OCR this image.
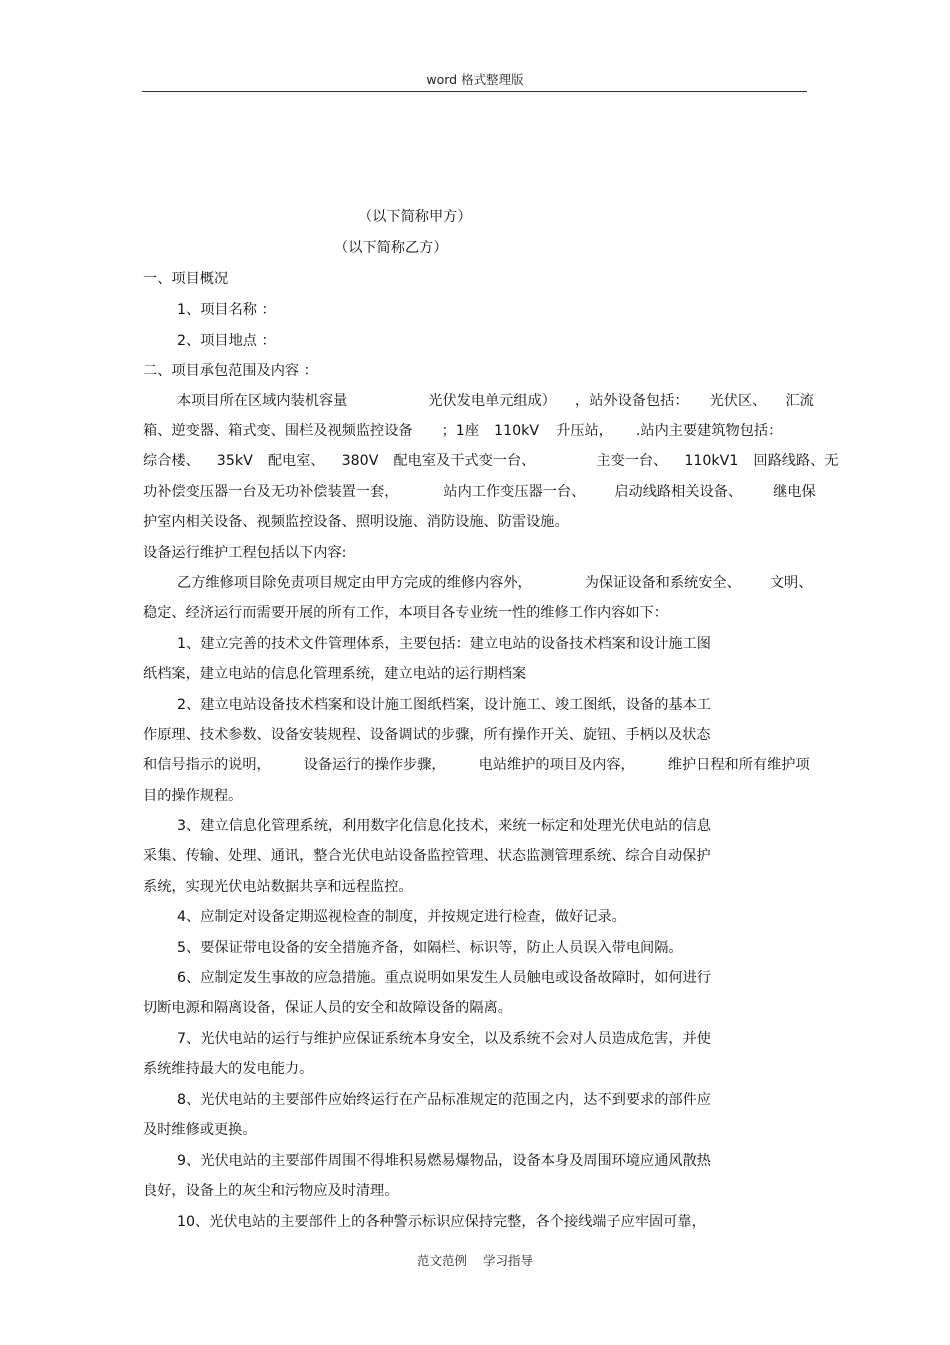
word 格式整理版

（以下简称甲方）

（以下简称乙方）

一、项目概况

1、项目名称 ：

2、项目地点 ：

二、项目承包范围及内容 ：

本项目所在区域内装机容量	光伏发电单元组成） ，站外设备包括： 光伏区、 汇流

箱、逆变器、箱式变、围栏及视频监控设备 ；1座 110kV 升压站， .站内主要建筑物包括：

综合楼、 35kV 配电室、 380V 配电室及干式变一台、	主变一台、 110kV1 回路线路、无

功补偿变压器一台及无功补偿装置一套，	站内工作变压器一台、 启动线路相关设备、 继电保

护室内相关设备、视频监控设备、照明设施、消防设施、防雷设施。

设备运行维护工程包括以下内容:

乙方维修项目除免责项目规定由甲方完成的维修内容外，	为保证设备和系统安全、 文明、

稳定、经济运行而需要开展的所有工作，本项目各专业统一性的维修工作内容如下：

1、建立完善的技术文件管理体系，主要包括：建立电站的设备技术档案和设计施工图

纸档案，建立电站的信息化管理系统，建立电站的运行期档案

2、建立电站设备技术档案和设计施工图纸档案，设计施工、竣工图纸，设备的基本工

作原理、技术参数、设备安装规程、设备调试的步骤，所有操作开关、旋钮、手柄以及状态

和信号指示的说明， 设备运行的操作步骤， 电站维护的项目及内容， 维护日程和所有维护项

目的操作规程。

3、建立信息化管理系统，利用数字化信息化技术，来统一标定和处理光伏电站的信息

采集、传输、处理、通讯，整合光伏电站设备监控管理、状态监测管理系统、综合自动保护

系统，实现光伏电站数据共享和远程监控。

4、应制定对设备定期巡视检查的制度，并按规定进行检查，做好记录。

5、要保证带电设备的安全措施齐备，如隔栏、标识等，防止人员误入带电间隔。

6、应制定发生事故的应急措施。重点说明如果发生人员触电或设备故障时，如何进行

切断电源和隔离设备，保证人员的安全和故障设备的隔离。

7、光伏电站的运行与维护应保证系统本身安全，以及系统不会对人员造成危害，并使

系统维持最大的发电能力。

8、光伏电站的主要部件应始终运行在产品标准规定的范围之内，达不到要求的部件应

及时维修或更换。

9、光伏电站的主要部件周围不得堆积易燃易爆物品，设备本身及周围环境应通风散热

良好，设备上的灰尘和污物应及时清理。

10、光伏电站的主要部件上的各种警示标识应保持完整，各个接线端子应牢固可靠，

范文范例    学习指导
